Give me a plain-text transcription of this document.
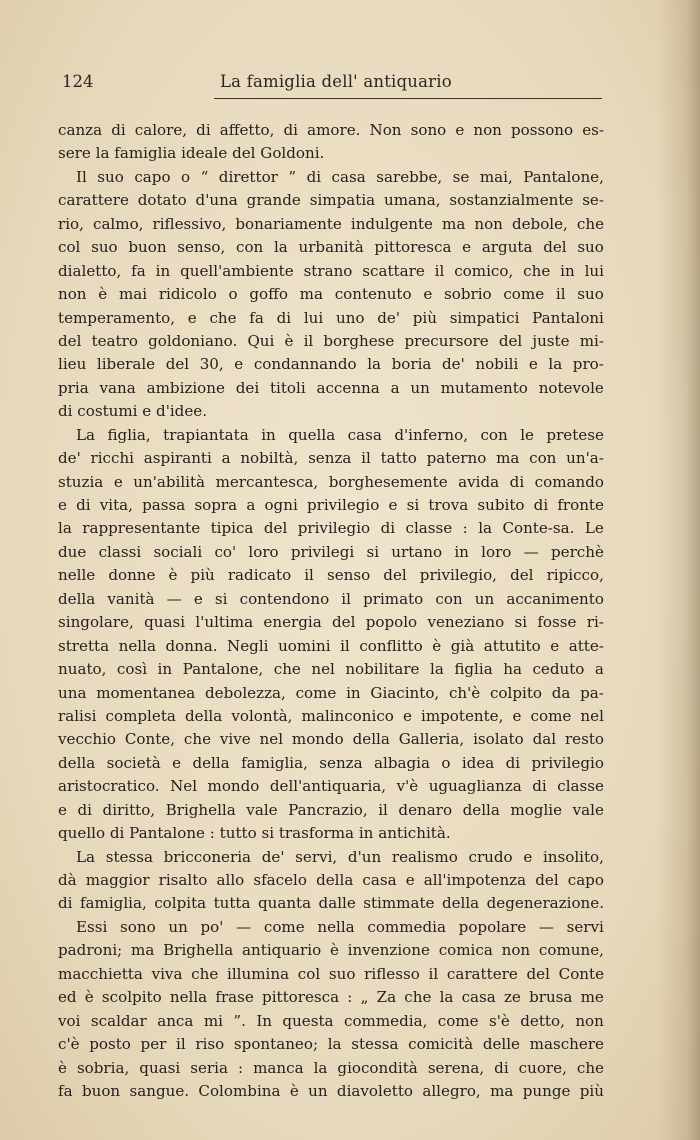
124	La famiglia dell' antiquario
canza di calore, di affetto, di amore. Non sono e non possono es-
sere la famiglia ideale del Goldoni.
Il suo capo o “ direttor ” di casa sarebbe, se mai, Pantalone,
carattere dotato d'una grande simpatia umana, sostanzialmente se-
rio, calmo, riflessivo, bonariamente indulgente ma non debole, che
col suo buon senso, con la urbanità pittoresca e arguta del suo
dialetto, fa in quell'ambiente strano scattare il comico, che in lui
non è mai ridicolo o goffo ma contenuto e sobrio come il suo
temperamento, e che fa di lui uno de' più simpatici Pantaloni
del teatro goldoniano. Qui è il borghese precursore del juste mi-
lieu liberale del 30, e condannando la boria de' nobili e la pro-
pria vana ambizione dei titoli accenna a un mutamento notevole
di costumi e d'idee.
La figlia, trapiantata in quella casa d'inferno, con le pretese
de' ricchi aspiranti a nobiltà, senza il tatto paterno ma con un'a-
stuzia e un'abilità mercantesca, borghesemente avida di comando
e di vita, passa sopra a ogni privilegio e si trova subito di fronte
la rappresentante tipica del privilegio di classe : la Conte-sa. Le
due classi sociali co' loro privilegi si urtano in loro — perchè
nelle donne è più radicato il senso del privilegio, del ripicco,
della vanità — e si contendono il primato con un accanimento
singolare, quasi l'ultima energia del popolo veneziano si fosse ri-
stretta nella donna. Negli uomini il conflitto è già attutito e atte-
nuato, così in Pantalone, che nel nobilitare la figlia ha ceduto a
una momentanea debolezza, come in Giacinto, ch'è colpito da pa-
ralisi completa della volontà, malinconico e impotente, e come nel
vecchio Conte, che vive nel mondo della Galleria, isolato dal resto
della società e della famiglia, senza albagia o idea di privilegio
aristocratico. Nel mondo dell'antiquaria, v'è uguaglianza di classe
e di diritto, Brighella vale Pancrazio, il denaro della moglie vale
quello di Pantalone : tutto si trasforma in antichità.
La stessa bricconeria de' servi, d'un realismo crudo e insolito,
dà maggior risalto allo sfacelo della casa e all'impotenza del capo
di famiglia, colpita tutta quanta dalle stimmate della degenerazione.
Essi sono un po' — come nella commedia popolare — servi
padroni; ma Brighella antiquario è invenzione comica non comune,
macchietta viva che illumina col suo riflesso il carattere del Conte
ed è scolpito nella frase pittoresca : „ Za che la casa ze brusa me
voi scaldar anca mi ”. In questa commedia, come s'è detto, non
c'è posto per il riso spontaneo; la stessa comicità delle maschere
è sobria, quasi seria : manca la giocondità serena, di cuore, che
fa buon sangue. Colombina è un diavoletto allegro, ma punge più
